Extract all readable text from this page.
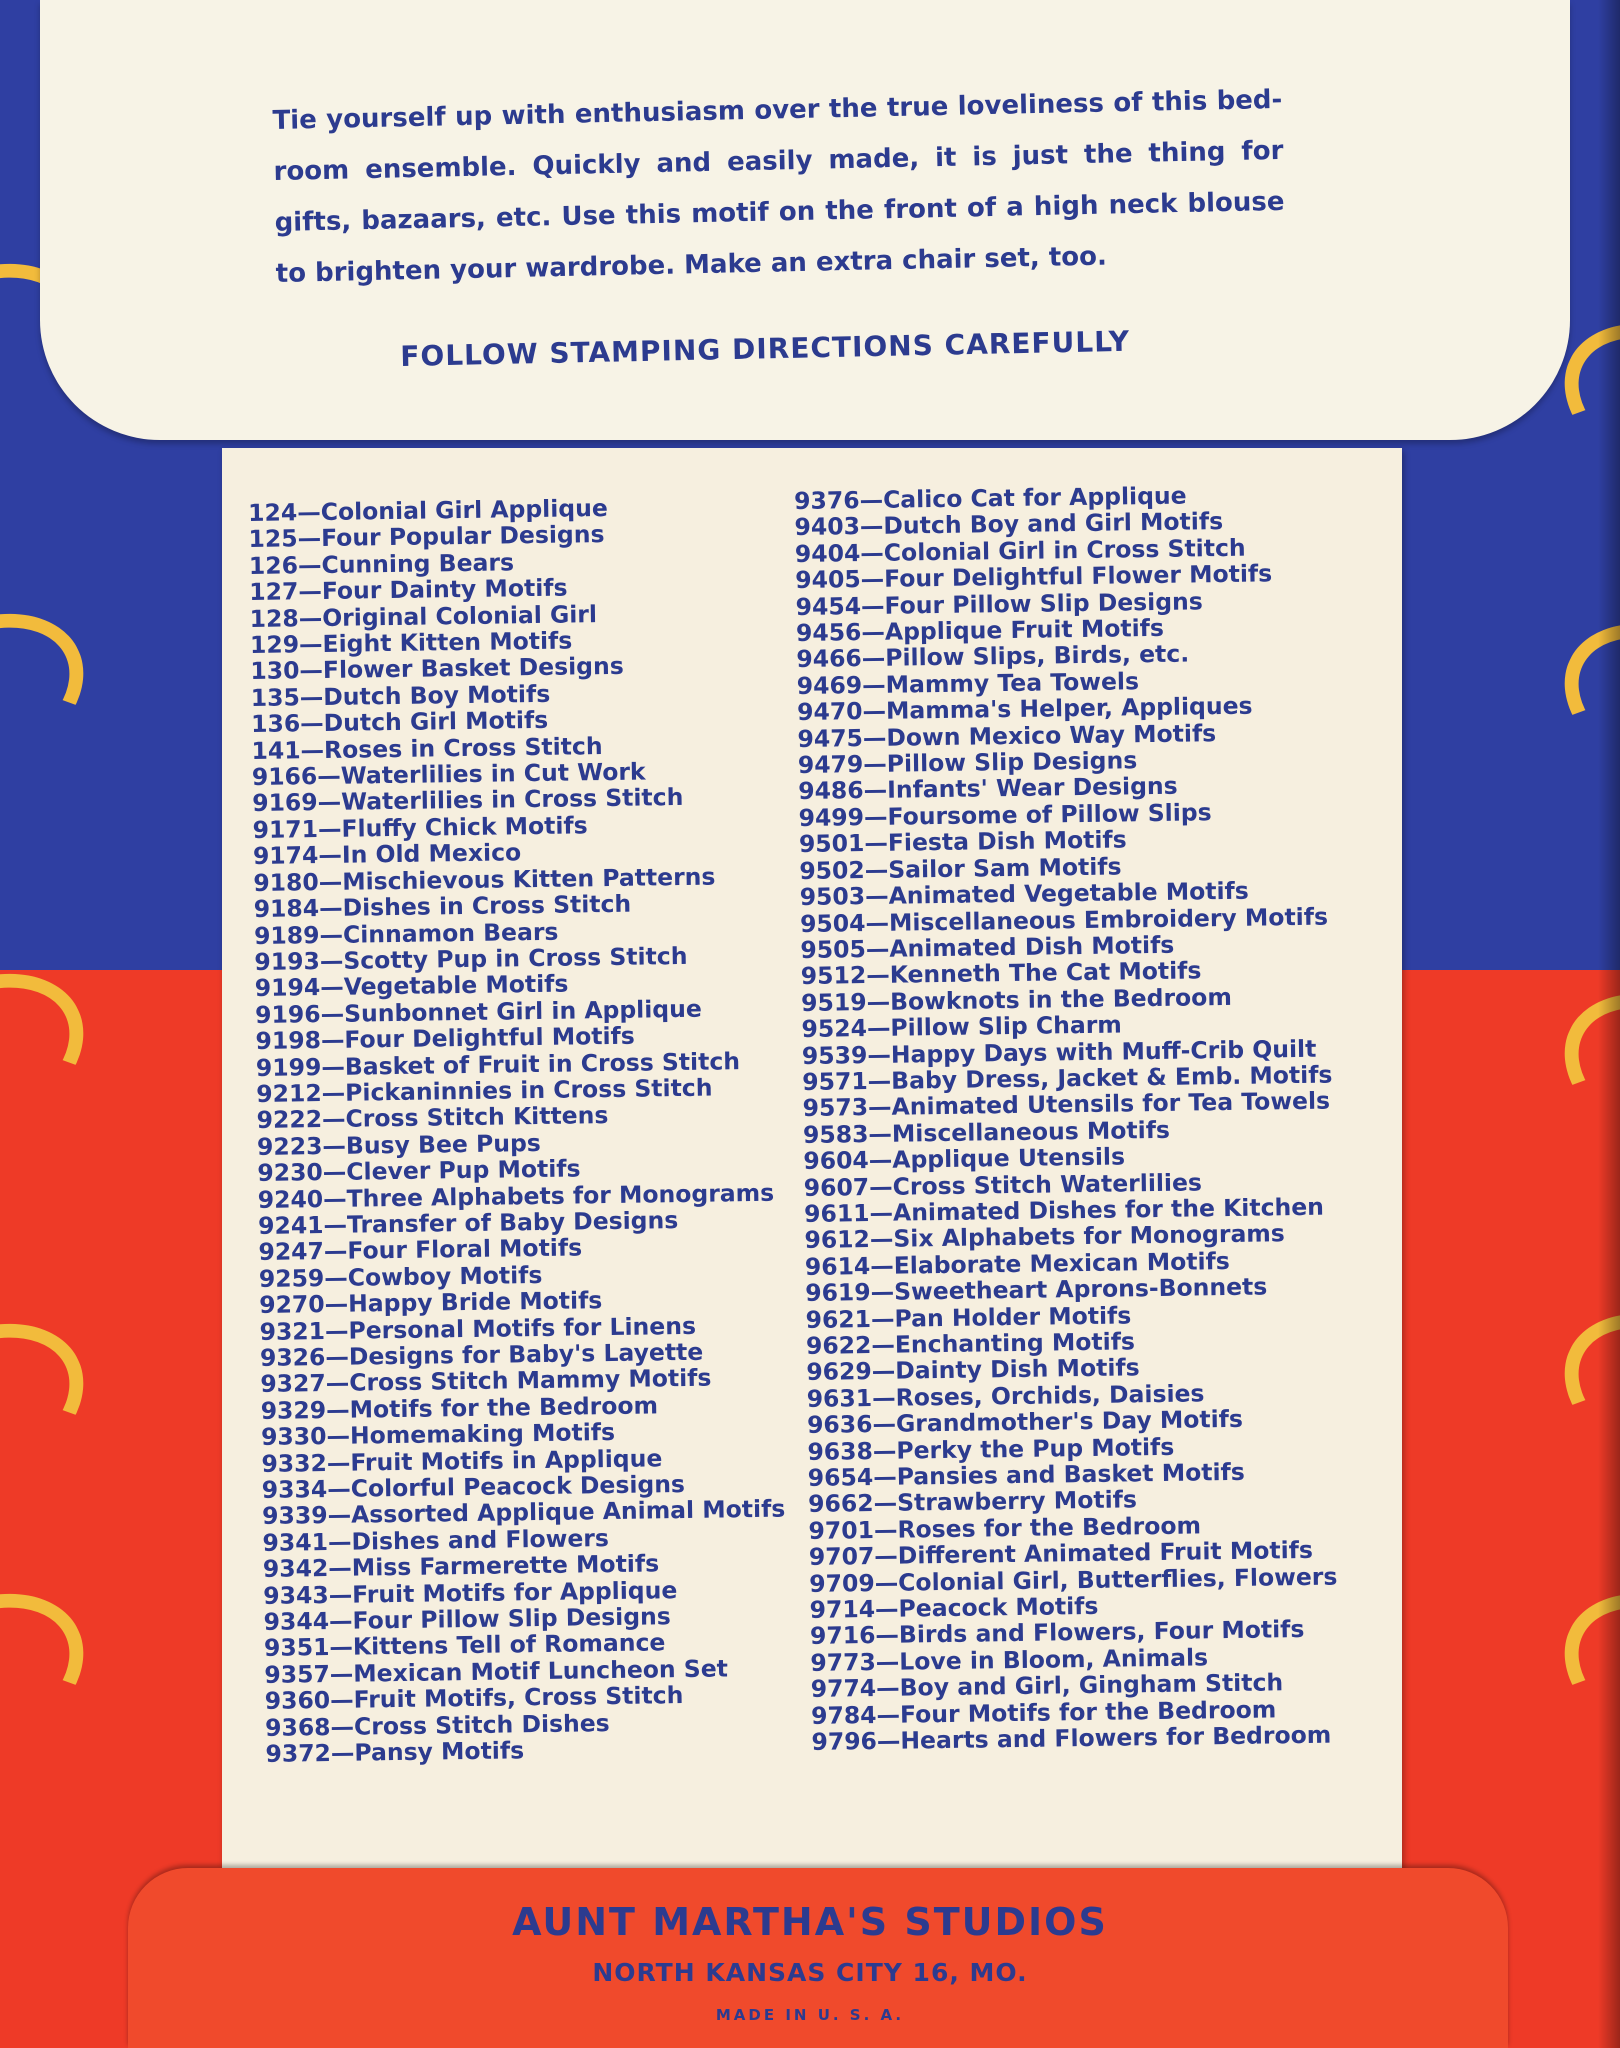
Tie yourself up with enthusiasm over the true loveliness of this bed-room ensemble. Quickly and easily made, it is just the thing for gifts, bazaars, etc. Use this motif on the front of a high neck blouse to brighten your wardrobe. Make an extra chair set, too.
FOLLOW STAMPING DIRECTIONS CAREFULLY
124—Colonial Girl Applique
125—Four Popular Designs
126—Cunning Bears
127—Four Dainty Motifs
128—Original Colonial Girl
129—Eight Kitten Motifs
130—Flower Basket Designs
135—Dutch Boy Motifs
136—Dutch Girl Motifs
141—Roses in Cross Stitch
9166—Waterlilies in Cut Work
9169—Waterlilies in Cross Stitch
9171—Fluffy Chick Motifs
9174—In Old Mexico
9180—Mischievous Kitten Patterns
9184—Dishes in Cross Stitch
9189—Cinnamon Bears
9193—Scotty Pup in Cross Stitch
9194—Vegetable Motifs
9196—Sunbonnet Girl in Applique
9198—Four Delightful Motifs
9199—Basket of Fruit in Cross Stitch
9212—Pickaninnies in Cross Stitch
9222—Cross Stitch Kittens
9223—Busy Bee Pups
9230—Clever Pup Motifs
9240—Three Alphabets for Monograms
9241—Transfer of Baby Designs
9247—Four Floral Motifs
9259—Cowboy Motifs
9270—Happy Bride Motifs
9321—Personal Motifs for Linens
9326—Designs for Baby's Layette
9327—Cross Stitch Mammy Motifs
9329—Motifs for the Bedroom
9330—Homemaking Motifs
9332—Fruit Motifs in Applique
9334—Colorful Peacock Designs
9339—Assorted Applique Animal Motifs
9341—Dishes and Flowers
9342—Miss Farmerette Motifs
9343—Fruit Motifs for Applique
9344—Four Pillow Slip Designs
9351—Kittens Tell of Romance
9357—Mexican Motif Luncheon Set
9360—Fruit Motifs, Cross Stitch
9368—Cross Stitch Dishes
9372—Pansy Motifs
9376—Calico Cat for Applique
9403—Dutch Boy and Girl Motifs
9404—Colonial Girl in Cross Stitch
9405—Four Delightful Flower Motifs
9454—Four Pillow Slip Designs
9456—Applique Fruit Motifs
9466—Pillow Slips, Birds, etc.
9469—Mammy Tea Towels
9470—Mamma's Helper, Appliques
9475—Down Mexico Way Motifs
9479—Pillow Slip Designs
9486—Infants' Wear Designs
9499—Foursome of Pillow Slips
9501—Fiesta Dish Motifs
9502—Sailor Sam Motifs
9503—Animated Vegetable Motifs
9504—Miscellaneous Embroidery Motifs
9505—Animated Dish Motifs
9512—Kenneth The Cat Motifs
9519—Bowknots in the Bedroom
9524—Pillow Slip Charm
9539—Happy Days with Muff-Crib Quilt
9571—Baby Dress, Jacket & Emb. Motifs
9573—Animated Utensils for Tea Towels
9583—Miscellaneous Motifs
9604—Applique Utensils
9607—Cross Stitch Waterlilies
9611—Animated Dishes for the Kitchen
9612—Six Alphabets for Monograms
9614—Elaborate Mexican Motifs
9619—Sweetheart Aprons-Bonnets
9621—Pan Holder Motifs
9622—Enchanting Motifs
9629—Dainty Dish Motifs
9631—Roses, Orchids, Daisies
9636—Grandmother's Day Motifs
9638—Perky the Pup Motifs
9654—Pansies and Basket Motifs
9662—Strawberry Motifs
9701—Roses for the Bedroom
9707—Different Animated Fruit Motifs
9709—Colonial Girl, Butterflies, Flowers
9714—Peacock Motifs
9716—Birds and Flowers, Four Motifs
9773—Love in Bloom, Animals
9774—Boy and Girl, Gingham Stitch
9784—Four Motifs for the Bedroom
9796—Hearts and Flowers for Bedroom
AUNT MARTHA'S STUDIOS
NORTH KANSAS CITY 16, MO.
MADE IN U. S. A.
